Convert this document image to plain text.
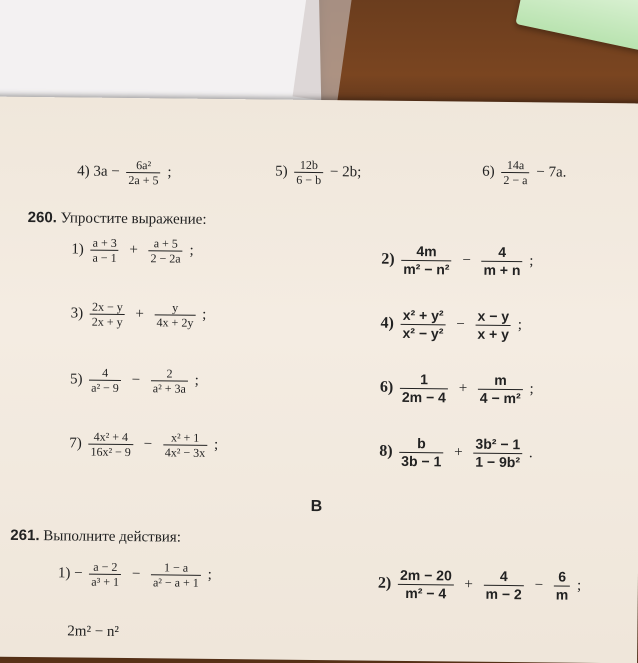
4) $3a - \frac{\text{6a²}}{2a + 5}$ ;	$5) \frac{12b}{6 - b} - 2b$;	$6) \frac{14a}{2 - a} - 7a$.
260. Упростите выражение:
$1) \frac{a + 3}{a - 1} + \frac{a + 5}{2 - 2a}$ ;
$3) \frac{2x - y}{2x + y} + \frac{y}{4x + 2y}$ ;
$5) \frac{4}{\text{a² − 9}} - \frac{2}{\text{a² + 3a}}$ ;
$7) \frac{\text{4x² + 4}}{\text{16x² − 9}} - \frac{\text{x² + 1}}{\text{4x² − 3x}}$ ;
$2) \frac{4m}{\text{m² − n²}} - \frac{4}{m + n}$ ;
$4) \frac{\text{x² + y²}}{\text{x² − y²}} - \frac{x - y}{x + y}$ ;
$6) \frac{1}{2m - 4} + \frac{m}{\text{4 − m²}}$ ;
$8) \frac{b}{3b - 1} + \frac{\text{3b² − 1}}{\text{1 − 9b²}}$ .
B
261. Выполните действия:
$1) - \frac{a - 2}{\text{a³ + 1}} - \frac{1 - a}{\text{a² − a + 1}}$ ;	$2) \frac{2m - 20}{\text{m² − 4}} + \frac{4}{m - 2} - \frac{6}{m}$ ;
2m² − n²
